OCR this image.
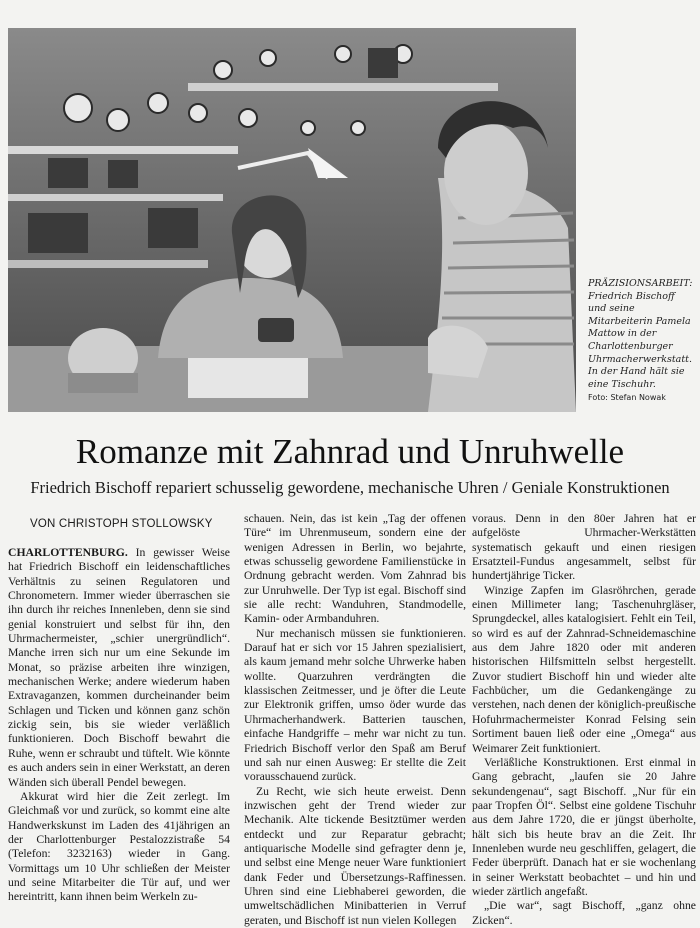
PRÄZISIONSARBEIT:
Friedrich Bischoff und seine Mitarbeiterin Pamela Mattow in der Charlottenburger Uhrmacherwerkstatt. In der Hand hält sie eine Tischuhr.
Foto: Stefan Nowak
Romanze mit Zahnrad und Unruhwelle
Friedrich Bischoff repariert schusselig gewordene, mechanische Uhren / Geniale Konstruktionen
VON CHRISTOPH STOLLOWSKY

CHARLOTTENBURG. In gewisser Weise hat Friedrich Bischoff ein leidenschaftliches Verhältnis zu seinen Regulatoren und Chronometern. Immer wieder überraschen sie ihn durch ihr reiches Innenleben, denn sie sind genial konstruiert und selbst für ihn, den Uhrmachermeister, „schier unergründlich“. Manche irren sich nur um eine Sekunde im Monat, so präzise arbeiten ihre winzigen, mechanischen Werke; andere wiederum haben Extravaganzen, kommen durcheinander beim Schlagen und Ticken und können ganz schön zickig sein, bis sie wieder verläßlich funktionieren. Doch Bischoff bewahrt die Ruhe, wenn er schraubt und tüftelt. Wie könnte es auch anders sein in einer Werkstatt, an deren Wänden sich überall Pendel bewegen.

Akkurat wird hier die Zeit zerlegt. Im Gleichmaß vor und zurück, so kommt eine alte Handwerkskunst im Laden des 41jährigen an der Charlottenburger Pestalozzistraße 54 (Telefon: 3232163) wieder in Gang. Vormittags um 10 Uhr schließen der Meister und seine Mitarbeiter die Tür auf, und wer hereintritt, kann ihnen beim Werkeln zu-

schauen. Nein, das ist kein „Tag der offenen Türe“ im Uhrenmuseum, sondern eine der wenigen Adressen in Berlin, wo bejahrte, etwas schusselig gewordene Familienstücke in Ordnung gebracht werden. Vom Zahnrad bis zur Unruhwelle. Der Typ ist egal. Bischoff sind sie alle recht: Wanduhren, Standmodelle, Kamin- oder Armbanduhren.

Nur mechanisch müssen sie funktionieren. Darauf hat er sich vor 15 Jahren spezialisiert, als kaum jemand mehr solche Uhrwerke haben wollte. Quarzuhren verdrängten die klassischen Zeitmesser, und je öfter die Leute zur Elektronik griffen, umso öder wurde das Uhrmacherhandwerk. Batterien tauschen, einfache Handgriffe – mehr war nicht zu tun. Friedrich Bischoff verlor den Spaß am Beruf und sah nur einen Ausweg: Er stellte die Zeit vorausschauend zurück.

Zu Recht, wie sich heute erweist. Denn inzwischen geht der Trend wieder zur Mechanik. Alte tickende Besitztümer werden entdeckt und zur Reparatur gebracht; antiquarische Modelle sind gefragter denn je, und selbst eine Menge neuer Ware funktioniert dank Feder und Übersetzungs-Raffinessen. Uhren sind eine Liebhaberei geworden, die umweltschädlichen Minibatterien in Verruf geraten, und Bischoff ist nun vielen Kollegen

voraus. Denn in den 80er Jahren hat er aufgelöste Uhrmacher-Werkstätten systematisch gekauft und einen riesigen Ersatzteil-Fundus angesammelt, selbst für hundertjährige Ticker.

Winzige Zapfen im Glasröhrchen, gerade einen Millimeter lang; Taschenuhrgläser, Sprungdeckel, alles katalogisiert. Fehlt ein Teil, so wird es auf der Zahnrad-Schneidemaschine aus dem Jahre 1820 oder mit anderen historischen Hilfsmitteln selbst hergestellt. Zuvor studiert Bischoff hin und wieder alte Fachbücher, um die Gedankengänge zu verstehen, nach denen der königlich-preußische Hofuhrmachermeister Konrad Felsing sein Sortiment bauen ließ oder eine „Omega“ aus Weimarer Zeit funktioniert.

Verläßliche Konstruktionen. Erst einmal in Gang gebracht, „laufen sie 20 Jahre sekundengenau“, sagt Bischoff. „Nur für ein paar Tropfen Öl“. Selbst eine goldene Tischuhr aus dem Jahre 1720, die er jüngst überholte, hält sich bis heute brav an die Zeit. Ihr Innenleben wurde neu geschliffen, gelagert, die Feder überprüft. Danach hat er sie wochenlang in seiner Werkstatt beobachtet – und hin und wieder zärtlich angefaßt.

„Die war“, sagt Bischoff, „ganz ohne Zicken“.
